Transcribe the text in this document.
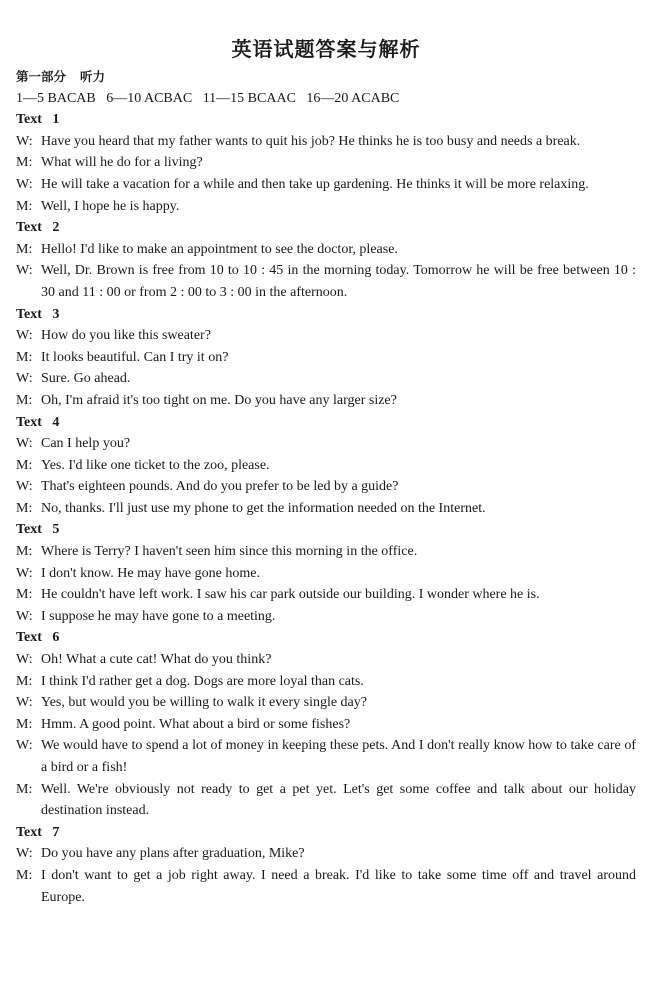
英语试题答案与解析
第一部分 听力
1—5 BACAB   6—10 ACBAC   11—15 BCAAC   16—20 ACABC
Text   1
W: Have you heard that my father wants to quit his job? He thinks he is too busy and needs a break.
M: What will he do for a living?
W: He will take a vacation for a while and then take up gardening. He thinks it will be more relaxing.
M: Well, I hope he is happy.
Text   2
M: Hello! I'd like to make an appointment to see the doctor, please.
W: Well, Dr. Brown is free from 10 to 10 : 45 in the morning today. Tomorrow he will be free between 10 : 30 and 11 : 00 or from 2 : 00 to 3 : 00 in the afternoon.
Text   3
W: How do you like this sweater?
M: It looks beautiful. Can I try it on?
W: Sure. Go ahead.
M: Oh, I'm afraid it's too tight on me. Do you have any larger size?
Text   4
W: Can I help you?
M: Yes. I'd like one ticket to the zoo, please.
W: That's eighteen pounds. And do you prefer to be led by a guide?
M: No, thanks. I'll just use my phone to get the information needed on the Internet.
Text   5
M: Where is Terry? I haven't seen him since this morning in the office.
W: I don't know. He may have gone home.
M: He couldn't have left work. I saw his car park outside our building. I wonder where he is.
W: I suppose he may have gone to a meeting.
Text   6
W: Oh! What a cute cat! What do you think?
M: I think I'd rather get a dog. Dogs are more loyal than cats.
W: Yes, but would you be willing to walk it every single day?
M: Hmm. A good point. What about a bird or some fishes?
W: We would have to spend a lot of money in keeping these pets. And I don't really know how to take care of a bird or a fish!
M: Well. We're obviously not ready to get a pet yet. Let's get some coffee and talk about our holiday destination instead.
Text   7
W: Do you have any plans after graduation, Mike?
M: I don't want to get a job right away. I need a break. I'd like to take some time off and travel around Europe.
